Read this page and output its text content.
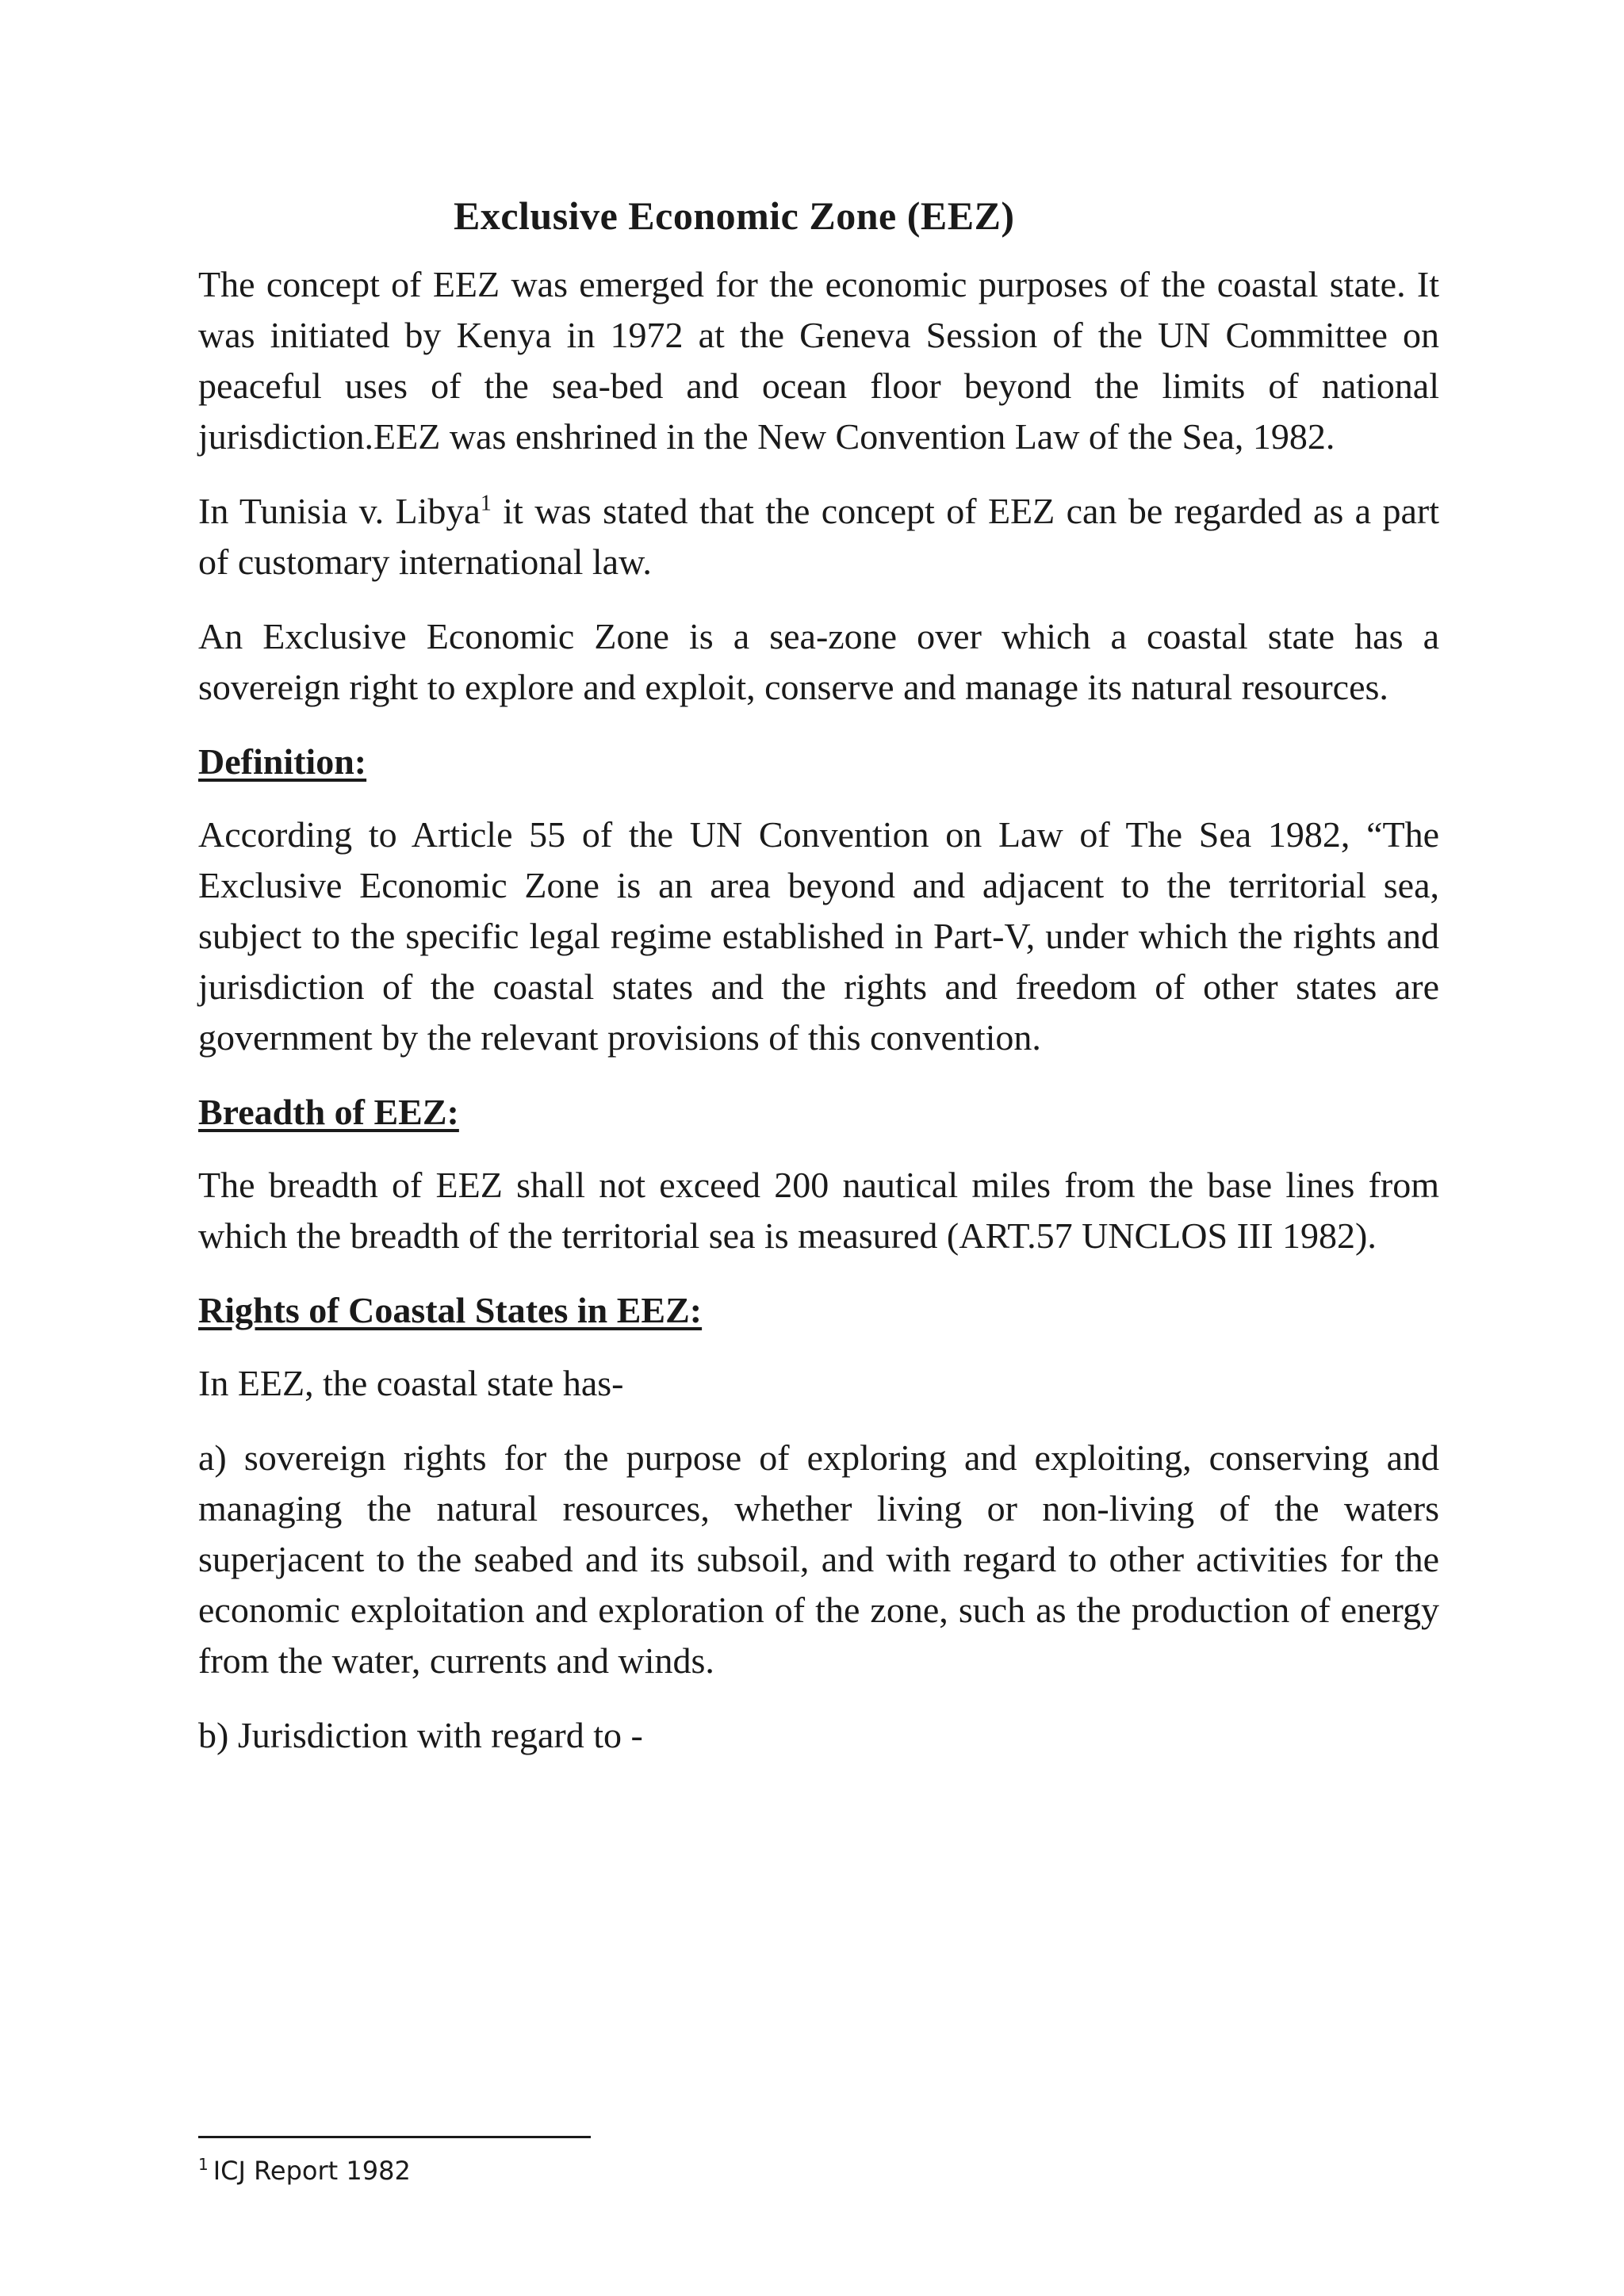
Exclusive Economic Zone (EEZ)

The concept of EEZ was emerged for the economic purposes of the coastal state. It was initiated by Kenya in 1972 at the Geneva Session of the UN Committee on peaceful uses of the sea-bed and ocean floor beyond the limits of national jurisdiction.EEZ was enshrined in the New Convention Law of the Sea, 1982.

In Tunisia v. Libya$^1$ it was stated that the concept of EEZ can be regarded as a part of customary international law.

An Exclusive Economic Zone is a sea-zone over which a coastal state has a sovereign right to explore and exploit, conserve and manage its natural resources.

Definition:

According to Article 55 of the UN Convention on Law of The Sea 1982, “The Exclusive Economic Zone is an area beyond and adjacent to the territorial sea, subject to the specific legal regime established in Part-V, under which the rights and jurisdiction of the coastal states and the rights and freedom of other states are government by the relevant provisions of this convention.

Breadth of EEZ:

The breadth of EEZ shall not exceed 200 nautical miles from the base lines from which the breadth of the territorial sea is measured (ART.57 UNCLOS III 1982).

Rights of Coastal States in EEZ:

In EEZ, the coastal state has-

a) sovereign rights for the purpose of exploring and exploiting, conserving and managing the natural resources, whether living or non-living of the waters superjacent to the seabed and its subsoil, and with regard to other activities for the economic exploitation and exploration of the zone, such as the production of energy from the water, currents and winds.

b) Jurisdiction with regard to -

$^1$ ICJ Report 1982
